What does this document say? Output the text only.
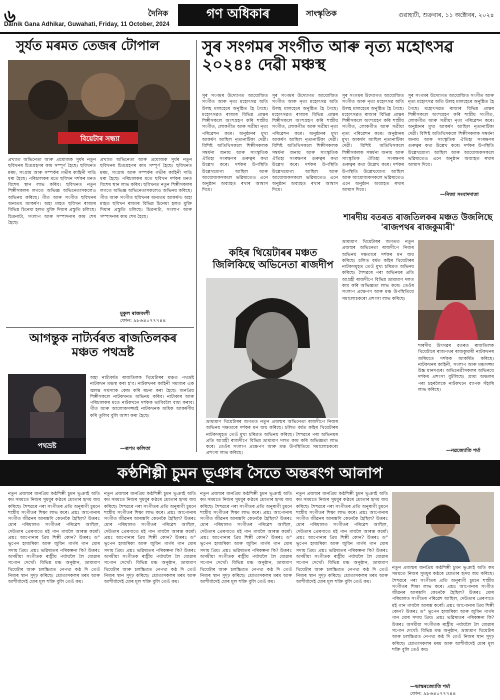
৬
Dainik Gana Adhikar, Guwahati, Friday, 11 October, 2024
দৈনিক	গণ অধিকাৰ	সাংস্কৃতিক	গুৱাহাটী, শুক্ৰবাৰ, ১১ অক্টোবৰ, ২০২৪
সুৰ্যত মৰমত তেজৰ টোপাল
বিয়েটাৰ সন্ধ্যা
প্ৰখ্যাত অভিনেতা আৰু প্ৰযোজক সুৰ্যৰ নতুন ছবিখনৰ চিত্ৰগ্ৰহণৰ কাম সম্পূৰ্ণ হৈছে। ছবিখনত মৰম, সংগ্ৰাম আৰু সম্পৰ্কৰ গভীৰ কাহিনী দাঙি ধৰা হৈছে। পৰিচালকৰ মতে ছবিখন দৰ্শকৰ মনত বিশেষ স্থান লাভ কৰিব। ছবিখনত নতুন শিল্পীসকলৰ লগতে অভিজ্ঞ অভিনেতাসকলেও অভিনয় কৰিছে। গীত আৰু সংগীত ছবিখনৰ অন্যতম আকৰ্ষণ। অহা মাহত ছবিখন ৰাজ্যৰ বিভিন্ন চিনেমা হলত মুক্তি দিয়াৰ প্ৰস্তুতি চলিছে। চিত্ৰনাট্য, সংলাপ আৰু সম্পাদনাৰ কাম শেষ হৈছে।
প্ৰখ্যাত অভিনেতা আৰু প্ৰযোজক সুৰ্যৰ নতুন ছবিখনৰ চিত্ৰগ্ৰহণৰ কাম সম্পূৰ্ণ হৈছে। ছবিখনত মৰম, সংগ্ৰাম আৰু সম্পৰ্কৰ গভীৰ কাহিনী দাঙি ধৰা হৈছে। পৰিচালকৰ মতে ছবিখন দৰ্শকৰ মনত বিশেষ স্থান লাভ কৰিব। ছবিখনত নতুন শিল্পীসকলৰ লগতে অভিজ্ঞ অভিনেতাসকলেও অভিনয় কৰিছে। গীত আৰু সংগীত ছবিখনৰ অন্যতম আকৰ্ষণ। অহা মাহত ছবিখন ৰাজ্যৰ বিভিন্ন চিনেমা হলত মুক্তি দিয়াৰ প্ৰস্তুতি চলিছে। চিত্ৰনাট্য, সংলাপ আৰু সম্পাদনাৰ কাম শেষ হৈছে।
মুকুল ৰাজবংশী
ফোন: ৯৮৬৪০৭৭৭৪৪
আগন্তুক নাট্যৰ্বৰত ৰাজতিলকৰ মঞ্চত পথভ্ৰষ্ট
পথভ্ৰষ্ট
অহা নাট্যবৰ্ষত ৰাজতিলক থিয়েটাৰৰ মঞ্চত পথভ্ৰষ্ট নাটকখন মঞ্চস্থ কৰা হ'ব। নাটকখনৰ কাহিনী সমাজৰ এক জ্বলন্ত সমস্যাক কেন্দ্ৰ কৰি ৰচনা কৰা হৈছে। জনপ্ৰিয় শিল্পীসকলে নাটকখনত অভিনয় কৰিব। নাট্যকাৰ আৰু পৰিচালকৰ মতে নাটকখনে দৰ্শকক ভাবিবলৈ বাধ্য কৰাব। গীত আৰু আলোকসজ্জাই নাটকখনক অধিক আকৰ্ষণীয় কৰি তুলিব বুলি আশা কৰা হৈছে।
—ৰূপম কলিতা
সুৰ সংগমৰ সংগীত আৰু নৃত্য মহোৎসৱ ২০২৪ঃ দেৱী মঞ্চস্থ
সুৰ সংগমৰ উদ্যোগত আয়োজিত সংগীত আৰু নৃত্য মহোৎসৱ অতি উলহ মালহেৰে অনুষ্ঠিত হৈ গৈছে। মহোৎসৱত ৰাজ্যৰ বিভিন্ন প্ৰান্তৰ শিল্পীসকলে অংশগ্ৰহণ কৰি শাস্ত্ৰীয় সংগীত, লোকগীত আৰু সত্ৰীয়া নৃত্য পৰিৱেশন কৰে। অনুষ্ঠানৰ মুখ্য আকৰ্ষণ আছিল নৃত্যনাটিকা দেৱী। বিশিষ্ট অতিথিসকলে শিল্পীসকলক সম্বৰ্ধনা জনায় আৰু সাংস্কৃতিক ঐতিহ্য সংৰক্ষণৰ গুৰুত্বৰ কথা উল্লেখ কৰে। দৰ্শকৰ উপস্থিতি উল্লেখযোগ্য আছিল আৰু আয়োজকসকলে ভৱিষ্যতেও এনে অনুষ্ঠান অব্যাহত ৰখাৰ আশ্বাস দিয়ে।
সুৰ সংগমৰ উদ্যোগত আয়োজিত সংগীত আৰু নৃত্য মহোৎসৱ অতি উলহ মালহেৰে অনুষ্ঠিত হৈ গৈছে। মহোৎসৱত ৰাজ্যৰ বিভিন্ন প্ৰান্তৰ শিল্পীসকলে অংশগ্ৰহণ কৰি শাস্ত্ৰীয় সংগীত, লোকগীত আৰু সত্ৰীয়া নৃত্য পৰিৱেশন কৰে। অনুষ্ঠানৰ মুখ্য আকৰ্ষণ আছিল নৃত্যনাটিকা দেৱী। বিশিষ্ট অতিথিসকলে শিল্পীসকলক সম্বৰ্ধনা জনায় আৰু সাংস্কৃতিক ঐতিহ্য সংৰক্ষণৰ গুৰুত্বৰ কথা উল্লেখ কৰে। দৰ্শকৰ উপস্থিতি উল্লেখযোগ্য আছিল আৰু আয়োজকসকলে ভৱিষ্যতেও এনে অনুষ্ঠান অব্যাহত ৰখাৰ আশ্বাস দিয়ে।
সুৰ সংগমৰ উদ্যোগত আয়োজিত সংগীত আৰু নৃত্য মহোৎসৱ অতি উলহ মালহেৰে অনুষ্ঠিত হৈ গৈছে। মহোৎসৱত ৰাজ্যৰ বিভিন্ন প্ৰান্তৰ শিল্পীসকলে অংশগ্ৰহণ কৰি শাস্ত্ৰীয় সংগীত, লোকগীত আৰু সত্ৰীয়া নৃত্য পৰিৱেশন কৰে। অনুষ্ঠানৰ মুখ্য আকৰ্ষণ আছিল নৃত্যনাটিকা দেৱী। বিশিষ্ট অতিথিসকলে শিল্পীসকলক সম্বৰ্ধনা জনায় আৰু সাংস্কৃতিক ঐতিহ্য সংৰক্ষণৰ গুৰুত্বৰ কথা উল্লেখ কৰে। দৰ্শকৰ উপস্থিতি উল্লেখযোগ্য আছিল আৰু আয়োজকসকলে ভৱিষ্যতেও এনে অনুষ্ঠান অব্যাহত ৰখাৰ আশ্বাস দিয়ে।
সুৰ সংগমৰ উদ্যোগত আয়োজিত সংগীত আৰু নৃত্য মহোৎসৱ অতি উলহ মালহেৰে অনুষ্ঠিত হৈ গৈছে। মহোৎসৱত ৰাজ্যৰ বিভিন্ন প্ৰান্তৰ শিল্পীসকলে অংশগ্ৰহণ কৰি শাস্ত্ৰীয় সংগীত, লোকগীত আৰু সত্ৰীয়া নৃত্য পৰিৱেশন কৰে। অনুষ্ঠানৰ মুখ্য আকৰ্ষণ আছিল নৃত্যনাটিকা দেৱী। বিশিষ্ট অতিথিসকলে শিল্পীসকলক সম্বৰ্ধনা জনায় আৰু সাংস্কৃতিক ঐতিহ্য সংৰক্ষণৰ গুৰুত্বৰ কথা উল্লেখ কৰে। দৰ্শকৰ উপস্থিতি উল্লেখযোগ্য আছিল আৰু আয়োজকসকলে ভৱিষ্যতেও এনে অনুষ্ঠান অব্যাহত ৰখাৰ আশ্বাস দিয়ে।
—নিজা সংবাদদাতা
কহিৰ থিয়েটাৰৰ মঞ্চত জিলিকিছে অভিনেতা ৰাজদীপ
ভ্ৰাম্যমাণ থিয়েটাৰৰ জগতত নতুন প্ৰজন্মৰ অভিনেতা ৰাজদীপে নিজৰ অভিনয় দক্ষতাৰে দৰ্শকৰ মন জয় কৰিছে। চলিত বৰ্ষত কহিৰ থিয়েটাৰৰ নাটকসমূহত তেওঁ মুখ্য চৰিত্ৰত অভিনয় কৰিছে। শৈশৱৰে পৰা অভিনয়ৰ প্ৰতি আগ্ৰহী ৰাজদীপে বিভিন্ন ভ্ৰাম্যমাণ দলত কাম কৰি অভিজ্ঞতা লাভ কৰে। তেওঁৰ সংলাপ প্ৰক্ষেপণ আৰু মঞ্চ উপস্থিতিয়ে সমালোচকৰো প্ৰশংসা লাভ কৰিছে।
শাৰদীয় বতৰত ৰাজতিলকৰ মঞ্চত উজলিছে 'ৰাজপথৰ ৰাজকুমাৰী'
ভ্ৰাম্যমাণ থিয়েটাৰৰ জগতত নতুন প্ৰজন্মৰ অভিনেতা ৰাজদীপে নিজৰ অভিনয় দক্ষতাৰে দৰ্শকৰ মন জয় কৰিছে। চলিত বৰ্ষত কহিৰ থিয়েটাৰৰ নাটকসমূহত তেওঁ মুখ্য চৰিত্ৰত অভিনয় কৰিছে। শৈশৱৰে পৰা অভিনয়ৰ প্ৰতি আগ্ৰহী ৰাজদীপে বিভিন্ন ভ্ৰাম্যমাণ দলত কাম কৰি অভিজ্ঞতা লাভ কৰে। তেওঁৰ সংলাপ প্ৰক্ষেপণ আৰু মঞ্চ উপস্থিতিয়ে সমালোচকৰো প্ৰশংসা লাভ কৰিছে।
শাৰদীয় উৎসৱৰ বতৰত ৰাজতিলক থিয়েটাৰে ৰাজপথৰ ৰাজকুমাৰী নাটকখনৰ জৰিয়তে দৰ্শকক আকৰ্ষিত কৰিছে। নাটকখনৰ কাহিনী, সংলাপ আৰু মঞ্চসজ্জা উচ্চ মানদণ্ডৰ। অভিনেত্ৰীসকলৰ অভিনয়ে দৰ্শকৰ প্ৰশংসা বুটলিছে। গ্ৰাম্য অঞ্চলৰ পৰা চহৰলৈকে নাটকখনে ব্যাপক সঁহাৰি লাভ কৰিছে।
—নৱজ্যোতি শৰ্মা
কণ্ঠশিল্পী চুমন ভূঞাৰ সৈতে অন্তৰংগ আলাপ
নতুন প্ৰজন্মৰ জনপ্ৰিয় কণ্ঠশিল্পী চুমন ভূঞাই অতি কম সময়তে নিজৰ সুমধুৰ কণ্ঠৰে শ্ৰোতাৰ হৃদয় জয় কৰিছে। শৈশৱৰে পৰা সংগীতৰ প্ৰতি অনুৰাগী চুমনে শাস্ত্ৰীয় সংগীতৰ শিক্ষা লাভ কৰে। প্ৰশ্নঃ আপোনাৰ সংগীত জীৱনৰ আৰম্ভণি কেনেকৈ হৈছিল? উত্তৰঃ মোৰ পৰিয়ালত সংগীতৰ পৰিৱেশ আছিল, দেউতাৰ প্ৰেৰণাতে মই গান গাবলৈ আৰম্ভ কৰোঁ। প্ৰশ্নঃ আপোনাৰ প্ৰিয় শিল্পী কোন? উত্তৰঃ ড° ভূপেন হাজৰিকা আৰু জুবিন গাৰ্গৰ গান মোৰ সদায় প্ৰিয়। প্ৰশ্নঃ ভৱিষ্যতৰ পৰিকল্পনা কি? উত্তৰঃ অসমীয়া সংগীতক ৰাষ্ট্ৰীয় পৰ্যায়লৈ লৈ যোৱাৰ সপোন দেখোঁ। বিভিন্ন মঞ্চ অনুষ্ঠান, ভ্ৰাম্যমাণ থিয়েটাৰ আৰু চলচ্চিত্ৰত নেপথ্য কণ্ঠ দি তেওঁ নিজৰ স্থান সুদৃঢ় কৰিছে। শ্ৰোতাসকলৰ মৰম আৰু আশীৰ্বাদেই মোৰ মূল শক্তি বুলি তেওঁ কয়।
নতুন প্ৰজন্মৰ জনপ্ৰিয় কণ্ঠশিল্পী চুমন ভূঞাই অতি কম সময়তে নিজৰ সুমধুৰ কণ্ঠৰে শ্ৰোতাৰ হৃদয় জয় কৰিছে। শৈশৱৰে পৰা সংগীতৰ প্ৰতি অনুৰাগী চুমনে শাস্ত্ৰীয় সংগীতৰ শিক্ষা লাভ কৰে। প্ৰশ্নঃ আপোনাৰ সংগীত জীৱনৰ আৰম্ভণি কেনেকৈ হৈছিল? উত্তৰঃ মোৰ পৰিয়ালত সংগীতৰ পৰিৱেশ আছিল, দেউতাৰ প্ৰেৰণাতে মই গান গাবলৈ আৰম্ভ কৰোঁ। প্ৰশ্নঃ আপোনাৰ প্ৰিয় শিল্পী কোন? উত্তৰঃ ড° ভূপেন হাজৰিকা আৰু জুবিন গাৰ্গৰ গান মোৰ সদায় প্ৰিয়। প্ৰশ্নঃ ভৱিষ্যতৰ পৰিকল্পনা কি? উত্তৰঃ অসমীয়া সংগীতক ৰাষ্ট্ৰীয় পৰ্যায়লৈ লৈ যোৱাৰ সপোন দেখোঁ। বিভিন্ন মঞ্চ অনুষ্ঠান, ভ্ৰাম্যমাণ থিয়েটাৰ আৰু চলচ্চিত্ৰত নেপথ্য কণ্ঠ দি তেওঁ নিজৰ স্থান সুদৃঢ় কৰিছে। শ্ৰোতাসকলৰ মৰম আৰু আশীৰ্বাদেই মোৰ মূল শক্তি বুলি তেওঁ কয়।
নতুন প্ৰজন্মৰ জনপ্ৰিয় কণ্ঠশিল্পী চুমন ভূঞাই অতি কম সময়তে নিজৰ সুমধুৰ কণ্ঠৰে শ্ৰোতাৰ হৃদয় জয় কৰিছে। শৈশৱৰে পৰা সংগীতৰ প্ৰতি অনুৰাগী চুমনে শাস্ত্ৰীয় সংগীতৰ শিক্ষা লাভ কৰে। প্ৰশ্নঃ আপোনাৰ সংগীত জীৱনৰ আৰম্ভণি কেনেকৈ হৈছিল? উত্তৰঃ মোৰ পৰিয়ালত সংগীতৰ পৰিৱেশ আছিল, দেউতাৰ প্ৰেৰণাতে মই গান গাবলৈ আৰম্ভ কৰোঁ। প্ৰশ্নঃ আপোনাৰ প্ৰিয় শিল্পী কোন? উত্তৰঃ ড° ভূপেন হাজৰিকা আৰু জুবিন গাৰ্গৰ গান মোৰ সদায় প্ৰিয়। প্ৰশ্নঃ ভৱিষ্যতৰ পৰিকল্পনা কি? উত্তৰঃ অসমীয়া সংগীতক ৰাষ্ট্ৰীয় পৰ্যায়লৈ লৈ যোৱাৰ সপোন দেখোঁ। বিভিন্ন মঞ্চ অনুষ্ঠান, ভ্ৰাম্যমাণ থিয়েটাৰ আৰু চলচ্চিত্ৰত নেপথ্য কণ্ঠ দি তেওঁ নিজৰ স্থান সুদৃঢ় কৰিছে। শ্ৰোতাসকলৰ মৰম আৰু আশীৰ্বাদেই মোৰ মূল শক্তি বুলি তেওঁ কয়।
নতুন প্ৰজন্মৰ জনপ্ৰিয় কণ্ঠশিল্পী চুমন ভূঞাই অতি কম সময়তে নিজৰ সুমধুৰ কণ্ঠৰে শ্ৰোতাৰ হৃদয় জয় কৰিছে। শৈশৱৰে পৰা সংগীতৰ প্ৰতি অনুৰাগী চুমনে শাস্ত্ৰীয় সংগীতৰ শিক্ষা লাভ কৰে। প্ৰশ্নঃ আপোনাৰ সংগীত জীৱনৰ আৰম্ভণি কেনেকৈ হৈছিল? উত্তৰঃ মোৰ পৰিয়ালত সংগীতৰ পৰিৱেশ আছিল, দেউতাৰ প্ৰেৰণাতে মই গান গাবলৈ আৰম্ভ কৰোঁ। প্ৰশ্নঃ আপোনাৰ প্ৰিয় শিল্পী কোন? উত্তৰঃ ড° ভূপেন হাজৰিকা আৰু জুবিন গাৰ্গৰ গান মোৰ সদায় প্ৰিয়। প্ৰশ্নঃ ভৱিষ্যতৰ পৰিকল্পনা কি? উত্তৰঃ অসমীয়া সংগীতক ৰাষ্ট্ৰীয় পৰ্যায়লৈ লৈ যোৱাৰ সপোন দেখোঁ। বিভিন্ন মঞ্চ অনুষ্ঠান, ভ্ৰাম্যমাণ থিয়েটাৰ আৰু চলচ্চিত্ৰত নেপথ্য কণ্ঠ দি তেওঁ নিজৰ স্থান সুদৃঢ় কৰিছে। শ্ৰোতাসকলৰ মৰম আৰু আশীৰ্বাদেই মোৰ মূল শক্তি বুলি তেওঁ কয়।
নতুন প্ৰজন্মৰ জনপ্ৰিয় কণ্ঠশিল্পী চুমন ভূঞাই অতি কম সময়তে নিজৰ সুমধুৰ কণ্ঠৰে শ্ৰোতাৰ হৃদয় জয় কৰিছে। শৈশৱৰে পৰা সংগীতৰ প্ৰতি অনুৰাগী চুমনে শাস্ত্ৰীয় সংগীতৰ শিক্ষা লাভ কৰে। প্ৰশ্নঃ আপোনাৰ সংগীত জীৱনৰ আৰম্ভণি কেনেকৈ হৈছিল? উত্তৰঃ মোৰ পৰিয়ালত সংগীতৰ পৰিৱেশ আছিল, দেউতাৰ প্ৰেৰণাতে মই গান গাবলৈ আৰম্ভ কৰোঁ। প্ৰশ্নঃ আপোনাৰ প্ৰিয় শিল্পী কোন? উত্তৰঃ ড° ভূপেন হাজৰিকা আৰু জুবিন গাৰ্গৰ গান মোৰ সদায় প্ৰিয়। প্ৰশ্নঃ ভৱিষ্যতৰ পৰিকল্পনা কি? উত্তৰঃ অসমীয়া সংগীতক ৰাষ্ট্ৰীয় পৰ্যায়লৈ লৈ যোৱাৰ সপোন দেখোঁ। বিভিন্ন মঞ্চ অনুষ্ঠান, ভ্ৰাম্যমাণ থিয়েটাৰ আৰু চলচ্চিত্ৰত নেপথ্য কণ্ঠ দি তেওঁ নিজৰ স্থান সুদৃঢ় কৰিছে। শ্ৰোতাসকলৰ মৰম আৰু আশীৰ্বাদেই মোৰ মূল শক্তি বুলি তেওঁ কয়।
—ভাস্কৰজ্যোতি শৰ্মা
ফোন: ৯৮৬৪০৭৭৭৪৪
